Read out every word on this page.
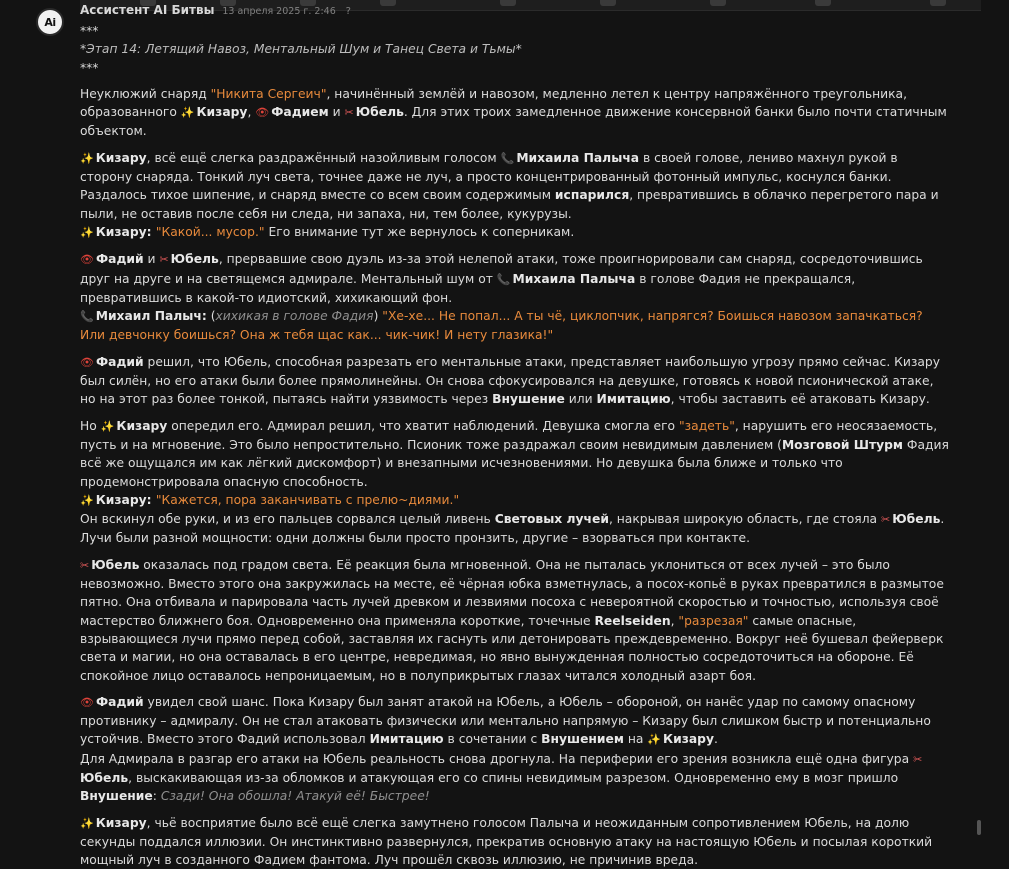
Ai
Ассистент AI Битвы 13 апреля 2025 г. 2:46 ?

***

*Этап 14: Летящий Навоз, Ментальный Шум и Танец Света и Тьмы*

***

Неуклюжий снаряд "Никита Сергеич", начинённый землёй и навозом, медленно летел к центру напряжённого треугольника, образованного ✨ Кизару, 👁 Фадием и ✂ Юбель. Для этих троих замедленное движение консервной банки было почти статичным объектом.

✨ Кизару, всё ещё слегка раздражённый назойливым голосом 📞 Михаила Палыча в своей голове, лениво махнул рукой в сторону снаряда. Тонкий луч света, точнее даже не луч, а просто концентрированный фотонный импульс, коснулся банки. Раздалось тихое шипение, и снаряд вместе со всем своим содержимым испарился, превратившись в облачко перегретого пара и пыли, не оставив после себя ни следа, ни запаха, ни, тем более, кукурузы.

✨ Кизару: "Какой... мусор." Его внимание тут же вернулось к соперникам.

👁 Фадий и ✂ Юбель, прервавшие свою дуэль из-за этой нелепой атаки, тоже проигнорировали сам снаряд, сосредоточившись друг на друге и на светящемся адмирале. Ментальный шум от 📞 Михаила Палыча в голове Фадия не прекращался, превратившись в какой-то идиотский, хихикающий фон.

📞 Михаил Палыч: (хихикая в голове Фадия) "Хе-хе... Не попал... А ты чё, циклопчик, напрягся? Боишься навозом запачкаться? Или девчонку боишься? Она ж тебя щас как... чик-чик! И нету глазика!"

👁 Фадий решил, что Юбель, способная разрезать его ментальные атаки, представляет наибольшую угрозу прямо сейчас. Кизару был силён, но его атаки были более прямолинейны. Он снова сфокусировался на девушке, готовясь к новой псионической атаке, но на этот раз более тонкой, пытаясь найти уязвимость через Внушение или Имитацию, чтобы заставить её атаковать Кизару.

Но ✨ Кизару опередил его. Адмирал решил, что хватит наблюдений. Девушка смогла его "задеть", нарушить его неосязаемость, пусть и на мгновение. Это было непростительно. Псионик тоже раздражал своим невидимым давлением (Мозговой Штурм Фадия всё же ощущался им как лёгкий дискомфорт) и внезапными исчезновениями. Но девушка была ближе и только что продемонстрировала опасную способность.

✨ Кизару: "Кажется, пора заканчивать с прелю~диями."

Он вскинул обе руки, и из его пальцев сорвался целый ливень Световых лучей, накрывая широкую область, где стояла ✂ Юбель. Лучи были разной мощности: одни должны были просто пронзить, другие – взорваться при контакте.

✂ Юбель оказалась под градом света. Её реакция была мгновенной. Она не пыталась уклониться от всех лучей – это было невозможно. Вместо этого она закружилась на месте, её чёрная юбка взметнулась, а посох-копьё в руках превратился в размытое пятно. Она отбивала и парировала часть лучей древком и лезвиями посоха с невероятной скоростью и точностью, используя своё мастерство ближнего боя. Одновременно она применяла короткие, точечные Reelseiden, "разрезая" самые опасные, взрывающиеся лучи прямо перед собой, заставляя их гаснуть или детонировать преждевременно. Вокруг неё бушевал фейерверк света и магии, но она оставалась в его центре, невредимая, но явно вынужденная полностью сосредоточиться на обороне. Её спокойное лицо оставалось непроницаемым, но в полуприкрытых глазах читался холодный азарт боя.

👁 Фадий увидел свой шанс. Пока Кизару был занят атакой на Юбель, а Юбель – обороной, он нанёс удар по самому опасному противнику – адмиралу. Он не стал атаковать физически или ментально напрямую – Кизару был слишком быстр и потенциально устойчив. Вместо этого Фадий использовал Имитацию в сочетании с Внушением на ✨ Кизару.

Для Адмирала в разгар его атаки на Юбель реальность снова дрогнула. На периферии его зрения возникла ещё одна фигура ✂Юбель, выскакивающая из-за обломков и атакующая его со спины невидимым разрезом. Одновременно ему в мозг пришло Внушение: Сзади! Она обошла! Атакуй её! Быстрее!

✨ Кизару, чьё восприятие было всё ещё слегка замутнено голосом Палыча и неожиданным сопротивлением Юбель, на долю секунды поддался иллюзии. Он инстинктивно развернулся, прекратив основную атаку на настоящую Юбель и посылая короткий мощный луч в созданного Фадием фантома. Луч прошёл сквозь иллюзию, не причинив вреда.
